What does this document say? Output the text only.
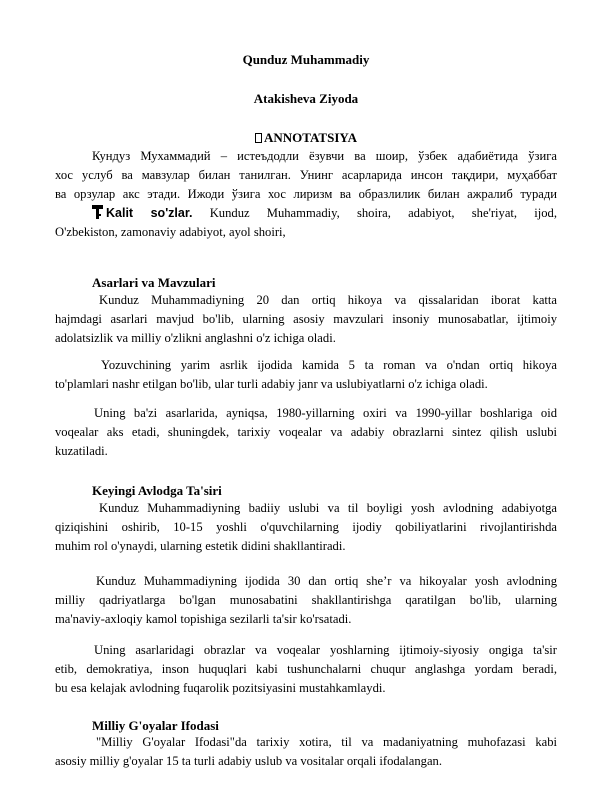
Qunduz Muhammadiy
Atakisheva Ziyoda
ANNOTATSIYA
Кундуз Мухаммадий – истеъдодли ёзувчи ва шоир, ўзбек адабиётида ўзига
хос услуб ва мавзулар билан танилган. Унинг асарларида инсон тақдири, муҳаббат
ва орзулар акс этади. Ижоди ўзига хос лиризм ва образлилик билан ажралиб туради
Kalit so'zlar. Kunduz Muhammadiy, shoira, adabiyot, she'riyat, ijod,
O'zbekiston, zamonaviy adabiyot, ayol shoiri,
Asarlari va Mavzulari
Kunduz Muhammadiyning 20 dan ortiq hikoya va qissalaridan iborat katta
hajmdagi asarlari mavjud bo'lib, ularning asosiy mavzulari insoniy munosabatlar, ijtimoiy
adolatsizlik va milliy o'zlikni anglashni o'z ichiga oladi.
Yozuvchining yarim asrlik ijodida kamida 5 ta roman va o'ndan ortiq hikoya
to'plamlari nashr etilgan bo'lib, ular turli adabiy janr va uslubiyatlarni o'z ichiga oladi.
Uning ba'zi asarlarida, ayniqsa, 1980-yillarning oxiri va 1990-yillar boshlariga oid
voqealar aks etadi, shuningdek, tarixiy voqealar va adabiy obrazlarni sintez qilish uslubi
kuzatiladi.
Keyingi Avlodga Ta'siri
Kunduz Muhammadiyning badiiy uslubi va til boyligi yosh avlodning adabiyotga
qiziqishini oshirib, 10-15 yoshli o'quvchilarning ijodiy qobiliyatlarini rivojlantirishda
muhim rol o'ynaydi, ularning estetik didini shakllantiradi.
Kunduz Muhammadiyning ijodida 30 dan ortiq she’r va hikoyalar yosh avlodning
milliy qadriyatlarga bo'lgan munosabatini shakllantirishga qaratilgan bo'lib, ularning
ma'naviy-axloqiy kamol topishiga sezilarli ta'sir ko'rsatadi.
Uning asarlaridagi obrazlar va voqealar yoshlarning ijtimoiy-siyosiy ongiga ta'sir
etib, demokratiya, inson huquqlari kabi tushunchalarni chuqur anglashga yordam beradi,
bu esa kelajak avlodning fuqarolik pozitsiyasini mustahkamlaydi.
Milliy G'oyalar Ifodasi
"Milliy G'oyalar Ifodasi"da tarixiy xotira, til va madaniyatning muhofazasi kabi
asosiy milliy g'oyalar 15 ta turli adabiy uslub va vositalar orqali ifodalangan.
